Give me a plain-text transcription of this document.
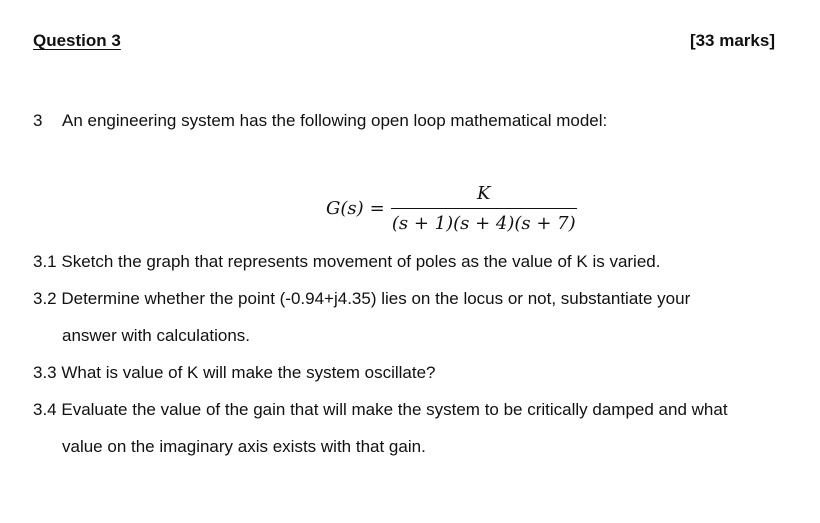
Question 3	[33 marks]
3 An engineering system has the following open loop mathematical model:
$G(s) = \frac{K}{(s + 1)(s + 4)(s + 7)}$
3.1 Sketch the graph that represents movement of poles as the value of K is varied.
3.2 Determine whether the point (-0.94+j4.35) lies on the locus or not, substantiate your
answer with calculations.
3.3 What is value of K will make the system oscillate?
3.4 Evaluate the value of the gain that will make the system to be critically damped and what
value on the imaginary axis exists with that gain.
